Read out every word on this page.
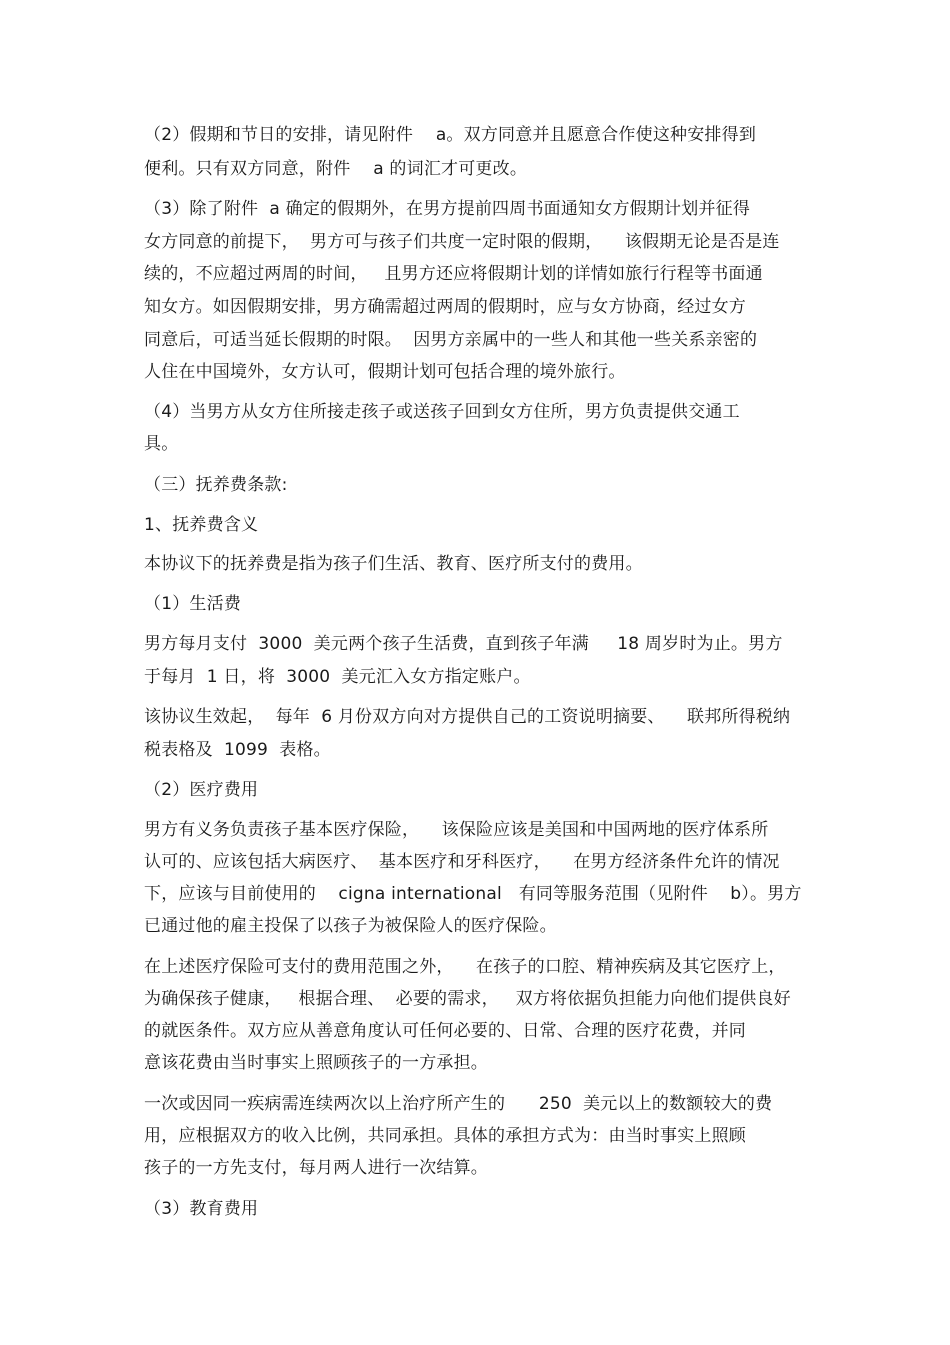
（2）假期和节日的安排，请见附件　 a。双方同意并且愿意合作使这种安排得到
便利。只有双方同意，附件　 a 的词汇才可更改。
（3）除了附件  a 确定的假期外，在男方提前四周书面通知女方假期计划并征得
女方同意的前提下，  男方可与孩子们共度一定时限的假期，    该假期无论是否是连
续的，不应超过两周的时间，   且男方还应将假期计划的详情如旅行行程等书面通
知女方。如因假期安排，男方确需超过两周的假期时，应与女方协商，经过女方
同意后，可适当延长假期的时限。  因男方亲属中的一些人和其他一些关系亲密的
人住在中国境外，女方认可，假期计划可包括合理的境外旅行。
（4）当男方从女方住所接走孩子或送孩子回到女方住所，男方负责提供交通工
具。
（三）抚养费条款:
1、抚养费含义
本协议下的抚养费是指为孩子们生活、教育、医疗所支付的费用。
（1）生活费
男方每月支付  3000  美元两个孩子生活费，直到孩子年满　  18 周岁时为止。男方
于每月  1 日，将  3000  美元汇入女方指定账户。
该协议生效起，  每年  6 月份双方向对方提供自己的工资说明摘要、    联邦所得税纳
税表格及  1099  表格。
（2）医疗费用
男方有义务负责孩子基本医疗保险，    该保险应该是美国和中国两地的医疗体系所
认可的、应该包括大病医疗、  基本医疗和牙科医疗，    在男方经济条件允许的情况
下，应该与目前使用的    cigna international   有同等服务范围（见附件    b）。男方
已通过他的雇主投保了以孩子为被保险人的医疗保险。
在上述医疗保险可支付的费用范围之外，    在孩子的口腔、精神疾病及其它医疗上，
为确保孩子健康，   根据合理、  必要的需求，   双方将依据负担能力向他们提供良好
的就医条件。双方应从善意角度认可任何必要的、日常、合理的医疗花费，并同
意该花费由当时事实上照顾孩子的一方承担。
一次或因同一疾病需连续两次以上治疗所产生的      250  美元以上的数额较大的费
用，应根据双方的收入比例，共同承担。具体的承担方式为：由当时事实上照顾
孩子的一方先支付，每月两人进行一次结算。
（3）教育费用
